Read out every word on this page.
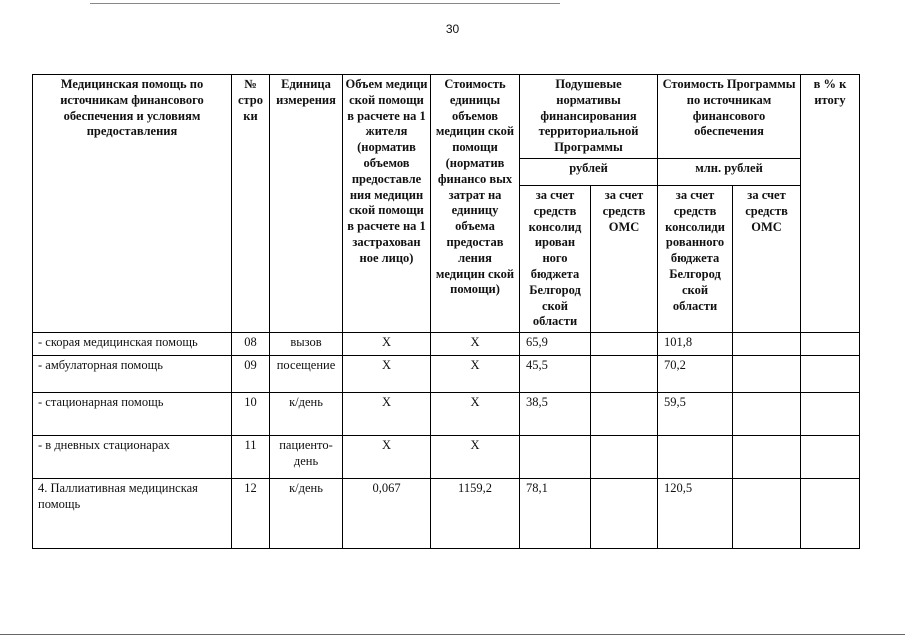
30
Медицинская помощь по источникам финансового обеспечения и условиям предоставления	№ стро ки	Единица измерения	Объем медици ской помощи в расчете на 1 жителя (норматив объемов предоставле ния медицин ской помощи в расчете на 1 застрахован ное лицо)	Стоимость единицы объемов медицин ской помощи (норматив финансо вых затрат на единицу объема предостав ления медицин ской помощи)	Подушевые нормативы финансирования территориальной Программы		Стоимость Программы по источникам финансового обеспечения		в % к итогу
					рублей		млн. рублей		
					за счет средств консолид ирован ного бюджета Белгород ской области	за счет средств ОМС	за счет средств консолиди рованного бюджета Белгород ской области	за счет средств ОМС	
- скорая медицинская помощь	08	вызов	X	X	65,9		101,8		
- амбулаторная помощь	09	посещение	X	X	45,5		70,2		
- стационарная помощь	10	к/день	X	X	38,5		59,5		
- в дневных стационарах	11	пациенто-день	X	X					
4. Паллиативная медицинская помощь	12	к/день	0,067	1159,2	78,1		120,5		
